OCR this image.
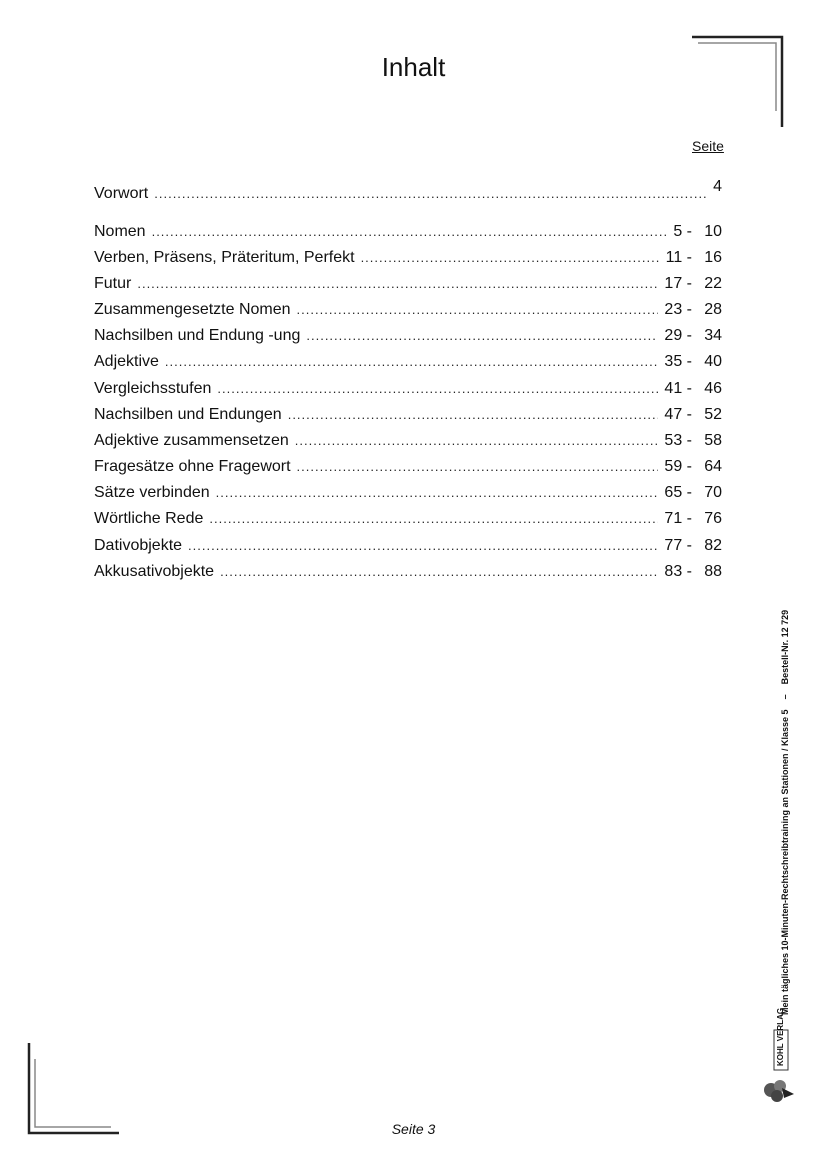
Inhalt
Seite
Vorwort .....	4
Nomen .....	5 - 10
Verben, Präsens, Präteritum, Perfekt .....	11 - 16
Futur .....	17 - 22
Zusammengesetzte Nomen .....	23 - 28
Nachsilben und Endung -ung .....	29 - 34
Adjektive .....	35 - 40
Vergleichsstufen .....	41 - 46
Nachsilben und Endungen .....	47 - 52
Adjektive zusammensetzen .....	53 - 58
Fragesätze ohne Fragewort .....	59 - 64
Sätze verbinden .....	65 - 70
Wörtliche Rede .....	71 - 76
Dativobjekte .....	77 - 82
Akkusativobjekte .....	83 - 88
Seite 3
Mein tägliches 10-Minuten-Rechtschreibtraining an Stationen / Klasse 5–Bestell-Nr. 12 729
KOHL VERLAG
